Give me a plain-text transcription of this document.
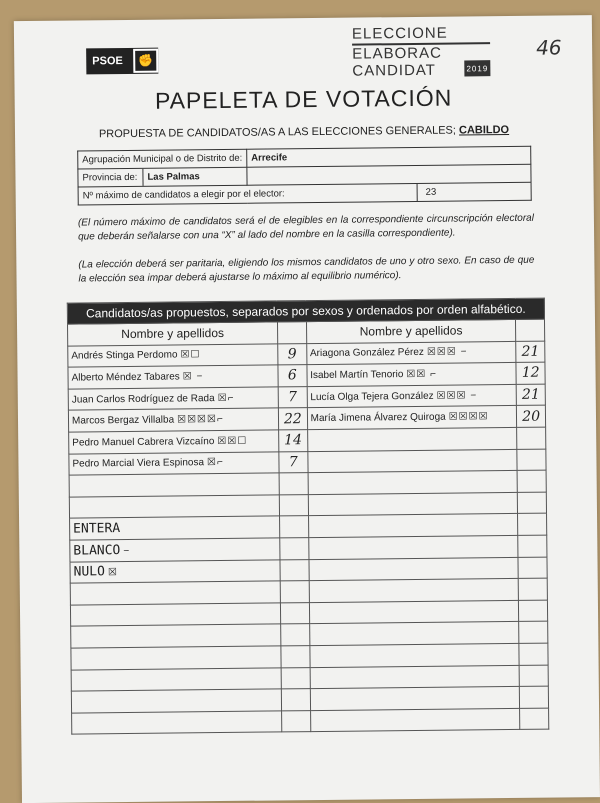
PSOE	✊
ELECCIONE
ELABORAC
CANDIDAT	2019
46
PAPELETA DE VOTACIÓN
PROPUESTA DE CANDIDATOS/AS A LAS ELECCIONES GENERALES; CABILDO
Agrupación Municipal o de Distrito de:	Arrecife

Provincia de:	Las Palmas

Nº máximo de candidatos a elegir por el elector:	23
(El número máximo de candidatos será el de elegibles en la correspondiente circunscripción electoral que deberán señalarse con una “X” al lado del nombre en la casilla correspondiente).
(La elección deberá ser paritaria, eligiendo los mismos candidatos de uno y otro sexo. En caso de que la elección sea impar deberá ajustarse lo máximo al equilibrio numérico).
Candidatos/as propuestos, separados por sexos y ordenados por orden alfabético.			
Nombre y apellidos		Nombre y apellidos	
Andrés Stinga Perdomo ☒☐	9	Ariagona González Pérez ☒☒☒ −	21
Alberto Méndez Tabares ☒ −	6	Isabel Martín Tenorio ☒☒ ⌐	12
Juan Carlos Rodríguez de Rada ☒⌐	7	Lucía Olga Tejera González ☒☒☒ −	21
Marcos Bergaz Villalba ☒☒☒☒⌐	22	María Jimena Álvarez Quiroga ☒☒☒☒	20
Pedro Manuel Cabrera Vizcaíno ☒☒☐	14		
Pedro Marcial Viera Espinosa ☒⌐	7		

ENTERA			
BLANCO −			
NULO ☒			
